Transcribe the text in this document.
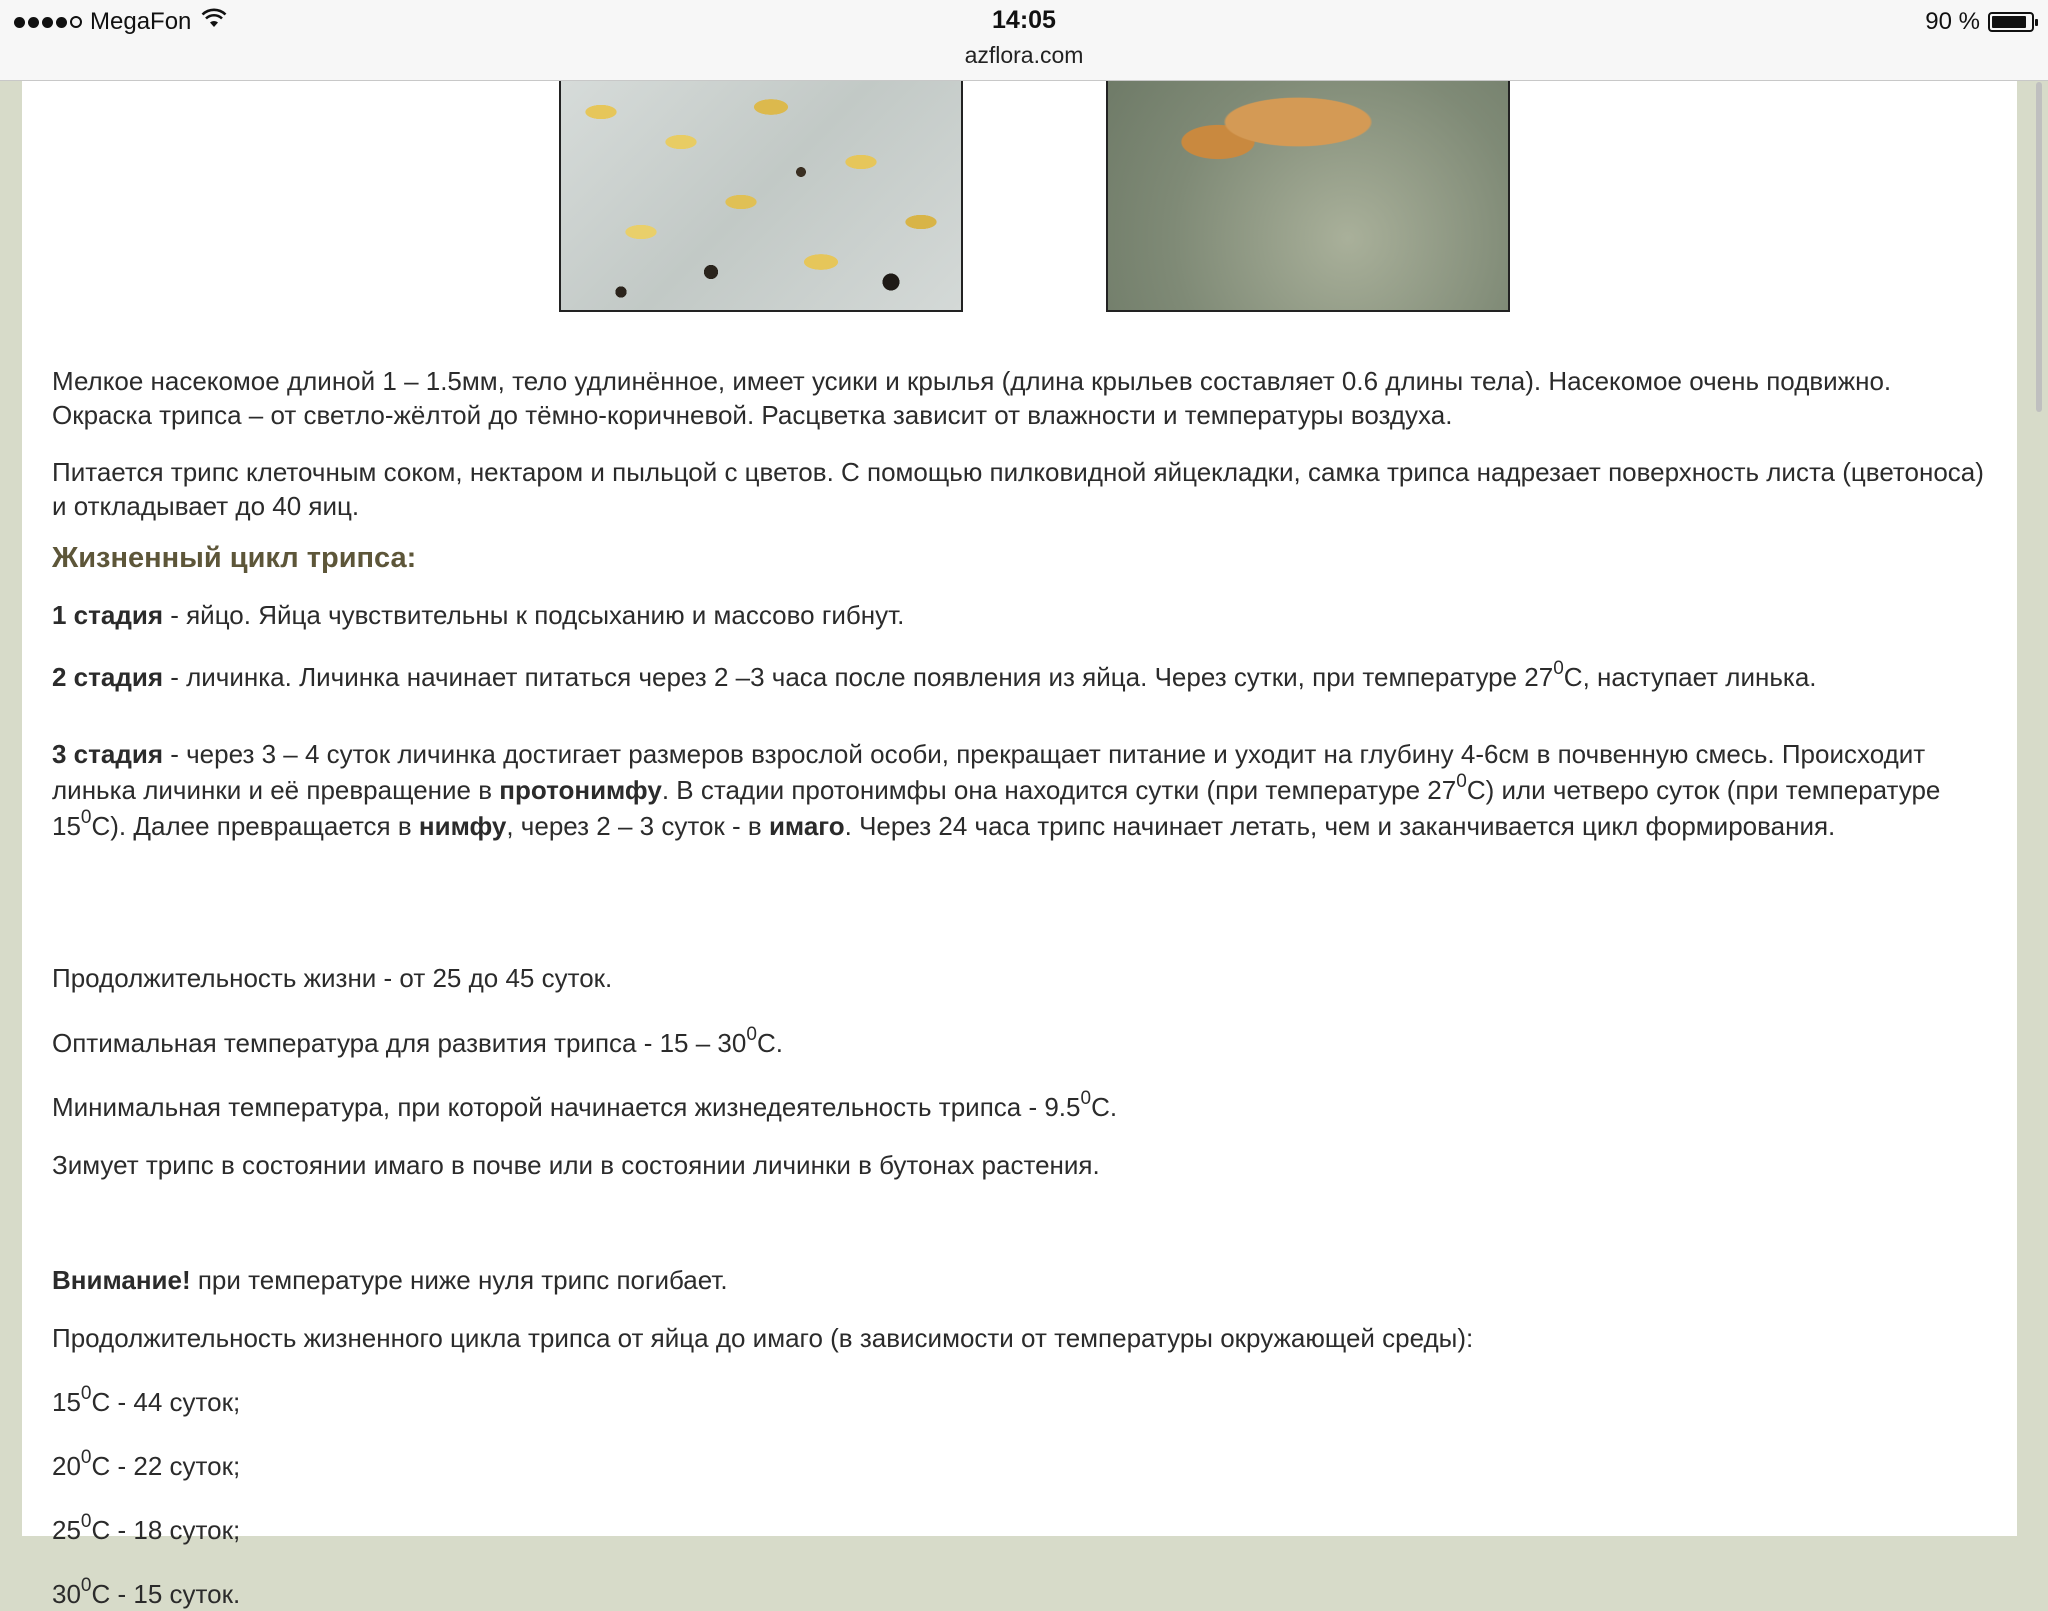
MegaFon	14:05
azflora.com
90 %

Мелкое насекомое длиной 1 – 1.5мм, тело удлинённое, имеет усики и крылья (длина крыльев составляет 0.6 длины тела). Насекомое очень подвижно. Окраска трипса – от светло-жёлтой до тёмно-коричневой. Расцветка зависит от влажности и температуры воздуха.

Питается трипс клеточным соком, нектаром и пыльцой с цветов. С помощью пилковидной яйцекладки, самка трипса надрезает поверхность листа (цветоноса) и откладывает до 40 яиц.

Жизненный цикл трипса:

1 стадия - яйцо. Яйца чувствительны к подсыханию и массово гибнут.

2 стадия - личинка. Личинка начинает питаться через 2 –3 часа после появления из яйца. Через сутки, при температуре $27^0С$, наступает линька.

3 стадия - через 3 – 4 суток личинка достигает размеров взрослой особи, прекращает питание и уходит на глубину 4-6см в почвенную смесь. Происходит линька личинки и её превращение в протонимфу. В стадии протонимфы она находится сутки (при температуре $27^0С$) или четверо суток (при температуре $15^0С$). Далее превращается в нимфу, через 2 – 3 суток - в имаго. Через 24 часа трипс начинает летать, чем и заканчивается цикл формирования.

Продолжительность жизни - от 25 до 45 суток.

Оптимальная температура для развития трипса - $15 - 30^0С$.

Минимальная температура, при которой начинается жизнедеятельность трипса - $9.5^0С$.

Зимует трипс в состоянии имаго в почве или в состоянии личинки в бутонах растения.

Внимание! при температуре ниже нуля трипс погибает.

Продолжительность жизненного цикла трипса от яйца до имаго (в зависимости от температуры окружающей среды):

$15^0С - 44$ суток;

$20^0С - 22$ суток;

$25^0С - 18$ суток;

$30^0С - 15$ суток.
